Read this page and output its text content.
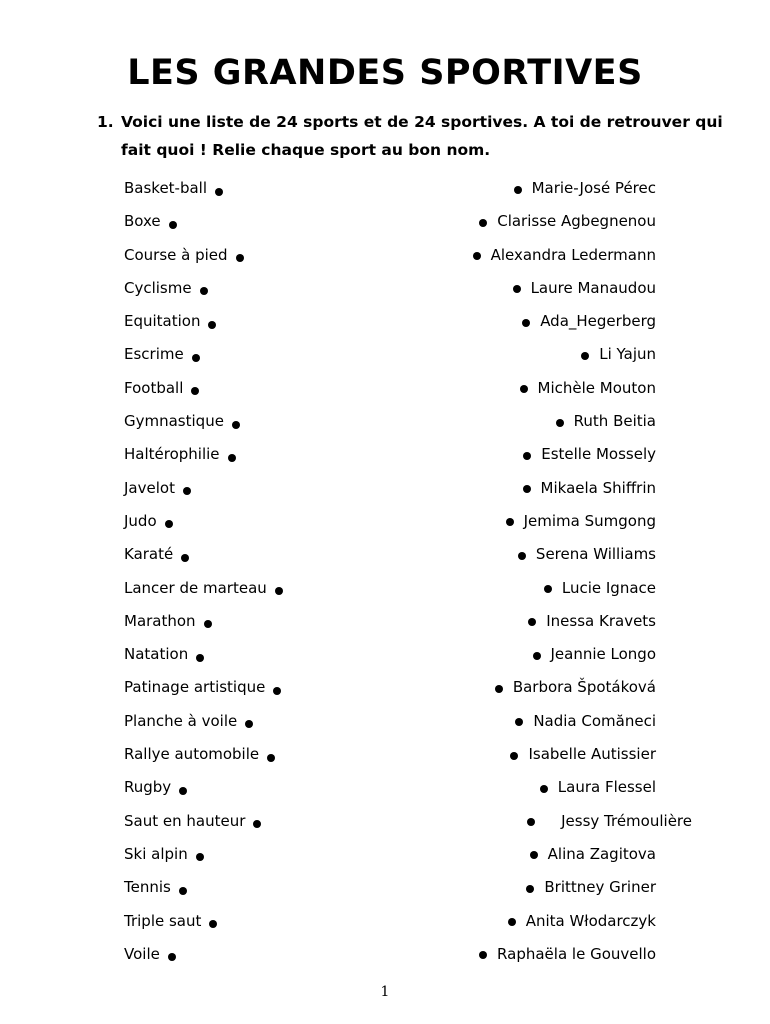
LES GRANDES SPORTIVES
1. Voici une liste de 24 sports et de 24 sportives. A toi de retrouver qui fait quoi ! Relie chaque sport au bon nom.
Basket-ball	Marie-José Pérec
Boxe	Clarisse Agbegnenou
Course à pied	Alexandra Ledermann
Cyclisme	Laure Manaudou
Equitation	Ada_Hegerberg
Escrime	Li Yajun
Football	Michèle Mouton
Gymnastique	Ruth Beitia
Haltérophilie	Estelle Mossely
Javelot	Mikaela Shiffrin
Judo	Jemima Sumgong
Karaté	Serena Williams
Lancer de marteau	Lucie Ignace
Marathon	Inessa Kravets
Natation	Jeannie Longo
Patinage artistique	Barbora Špotáková
Planche à voile	Nadia Comăneci
Rallye automobile	Isabelle Autissier
Rugby	Laura Flessel
Saut en hauteur	Jessy Trémoulière
Ski alpin	Alina Zagitova
Tennis	Brittney Griner
Triple saut	Anita Włodarczyk
Voile	Raphaëla le Gouvello
1
